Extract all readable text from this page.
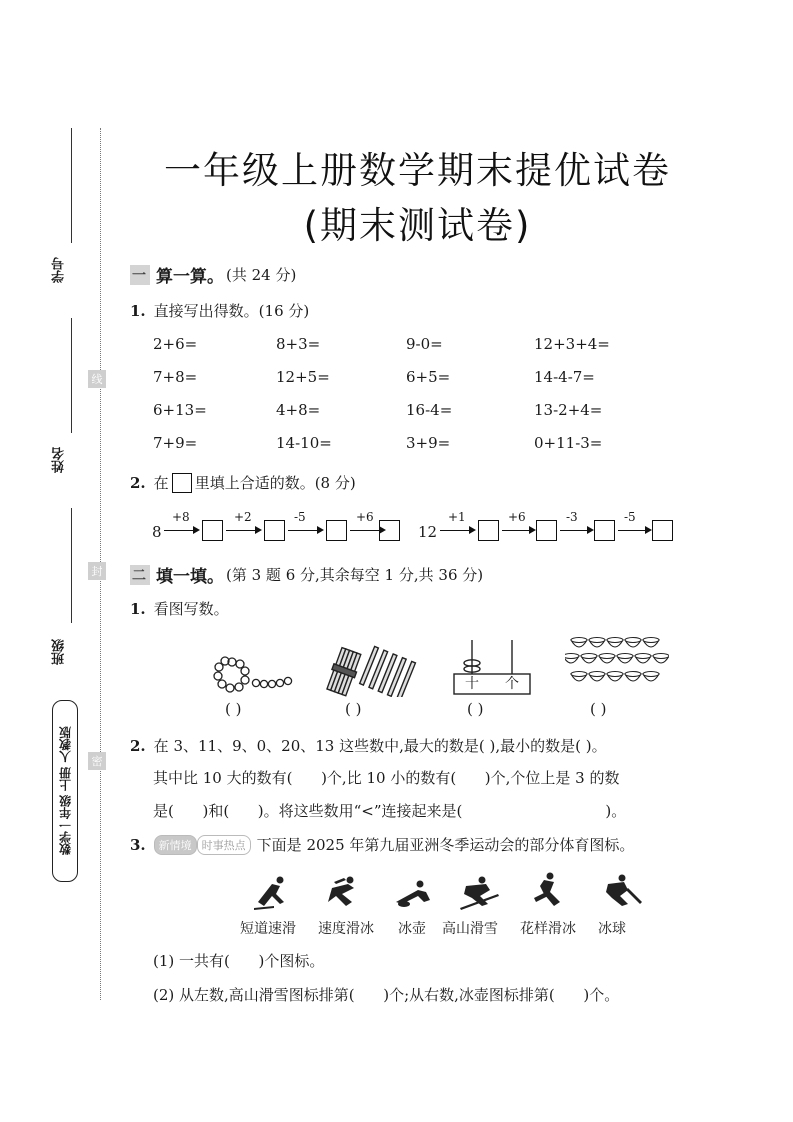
学号
姓名
班级
线
封
密
数学一年级 上册 人教版
一年级上册数学期末提优试卷
(期末测试卷)
一 算一算。 (共 24 分)
1. 直接写出得数。(16 分)
2+6=	8+3=	9-0=	12+3+4=
7+8=	12+5=	6+5=	14-4-7=
6+13=	4+8=	16-4=	13-2+4=
7+9=	14-10=	3+9=	0+11-3=
2. 在 里填上合适的数。(8 分)
8
+8	+2	-5	+6
12
+1	+6	-3	-5
二 填一填。 (第 3 题 6 分,其余每空 1 分,共 36 分)
1. 看图写数。
十 个
( )	( )	( )	( )
2. 在 3、11、9、0、20、13 这些数中,最大的数是( ),最小的数是( )。
其中比 10 大的数有(      )个,比 10 小的数有(      )个,个位上是 3 的数
是(      )和(      )。将这些数用“<”连接起来是(                              )。
3.	新情境 时事热点 下面是 2025 年第九届亚洲冬季运动会的部分体育图标。
短道速滑 速度滑冰 冰壶 高山滑雪 花样滑冰 冰球
(1) 一共有(      )个图标。
(2) 从左数,高山滑雪图标排第(      )个;从右数,冰壶图标排第(      )个。
